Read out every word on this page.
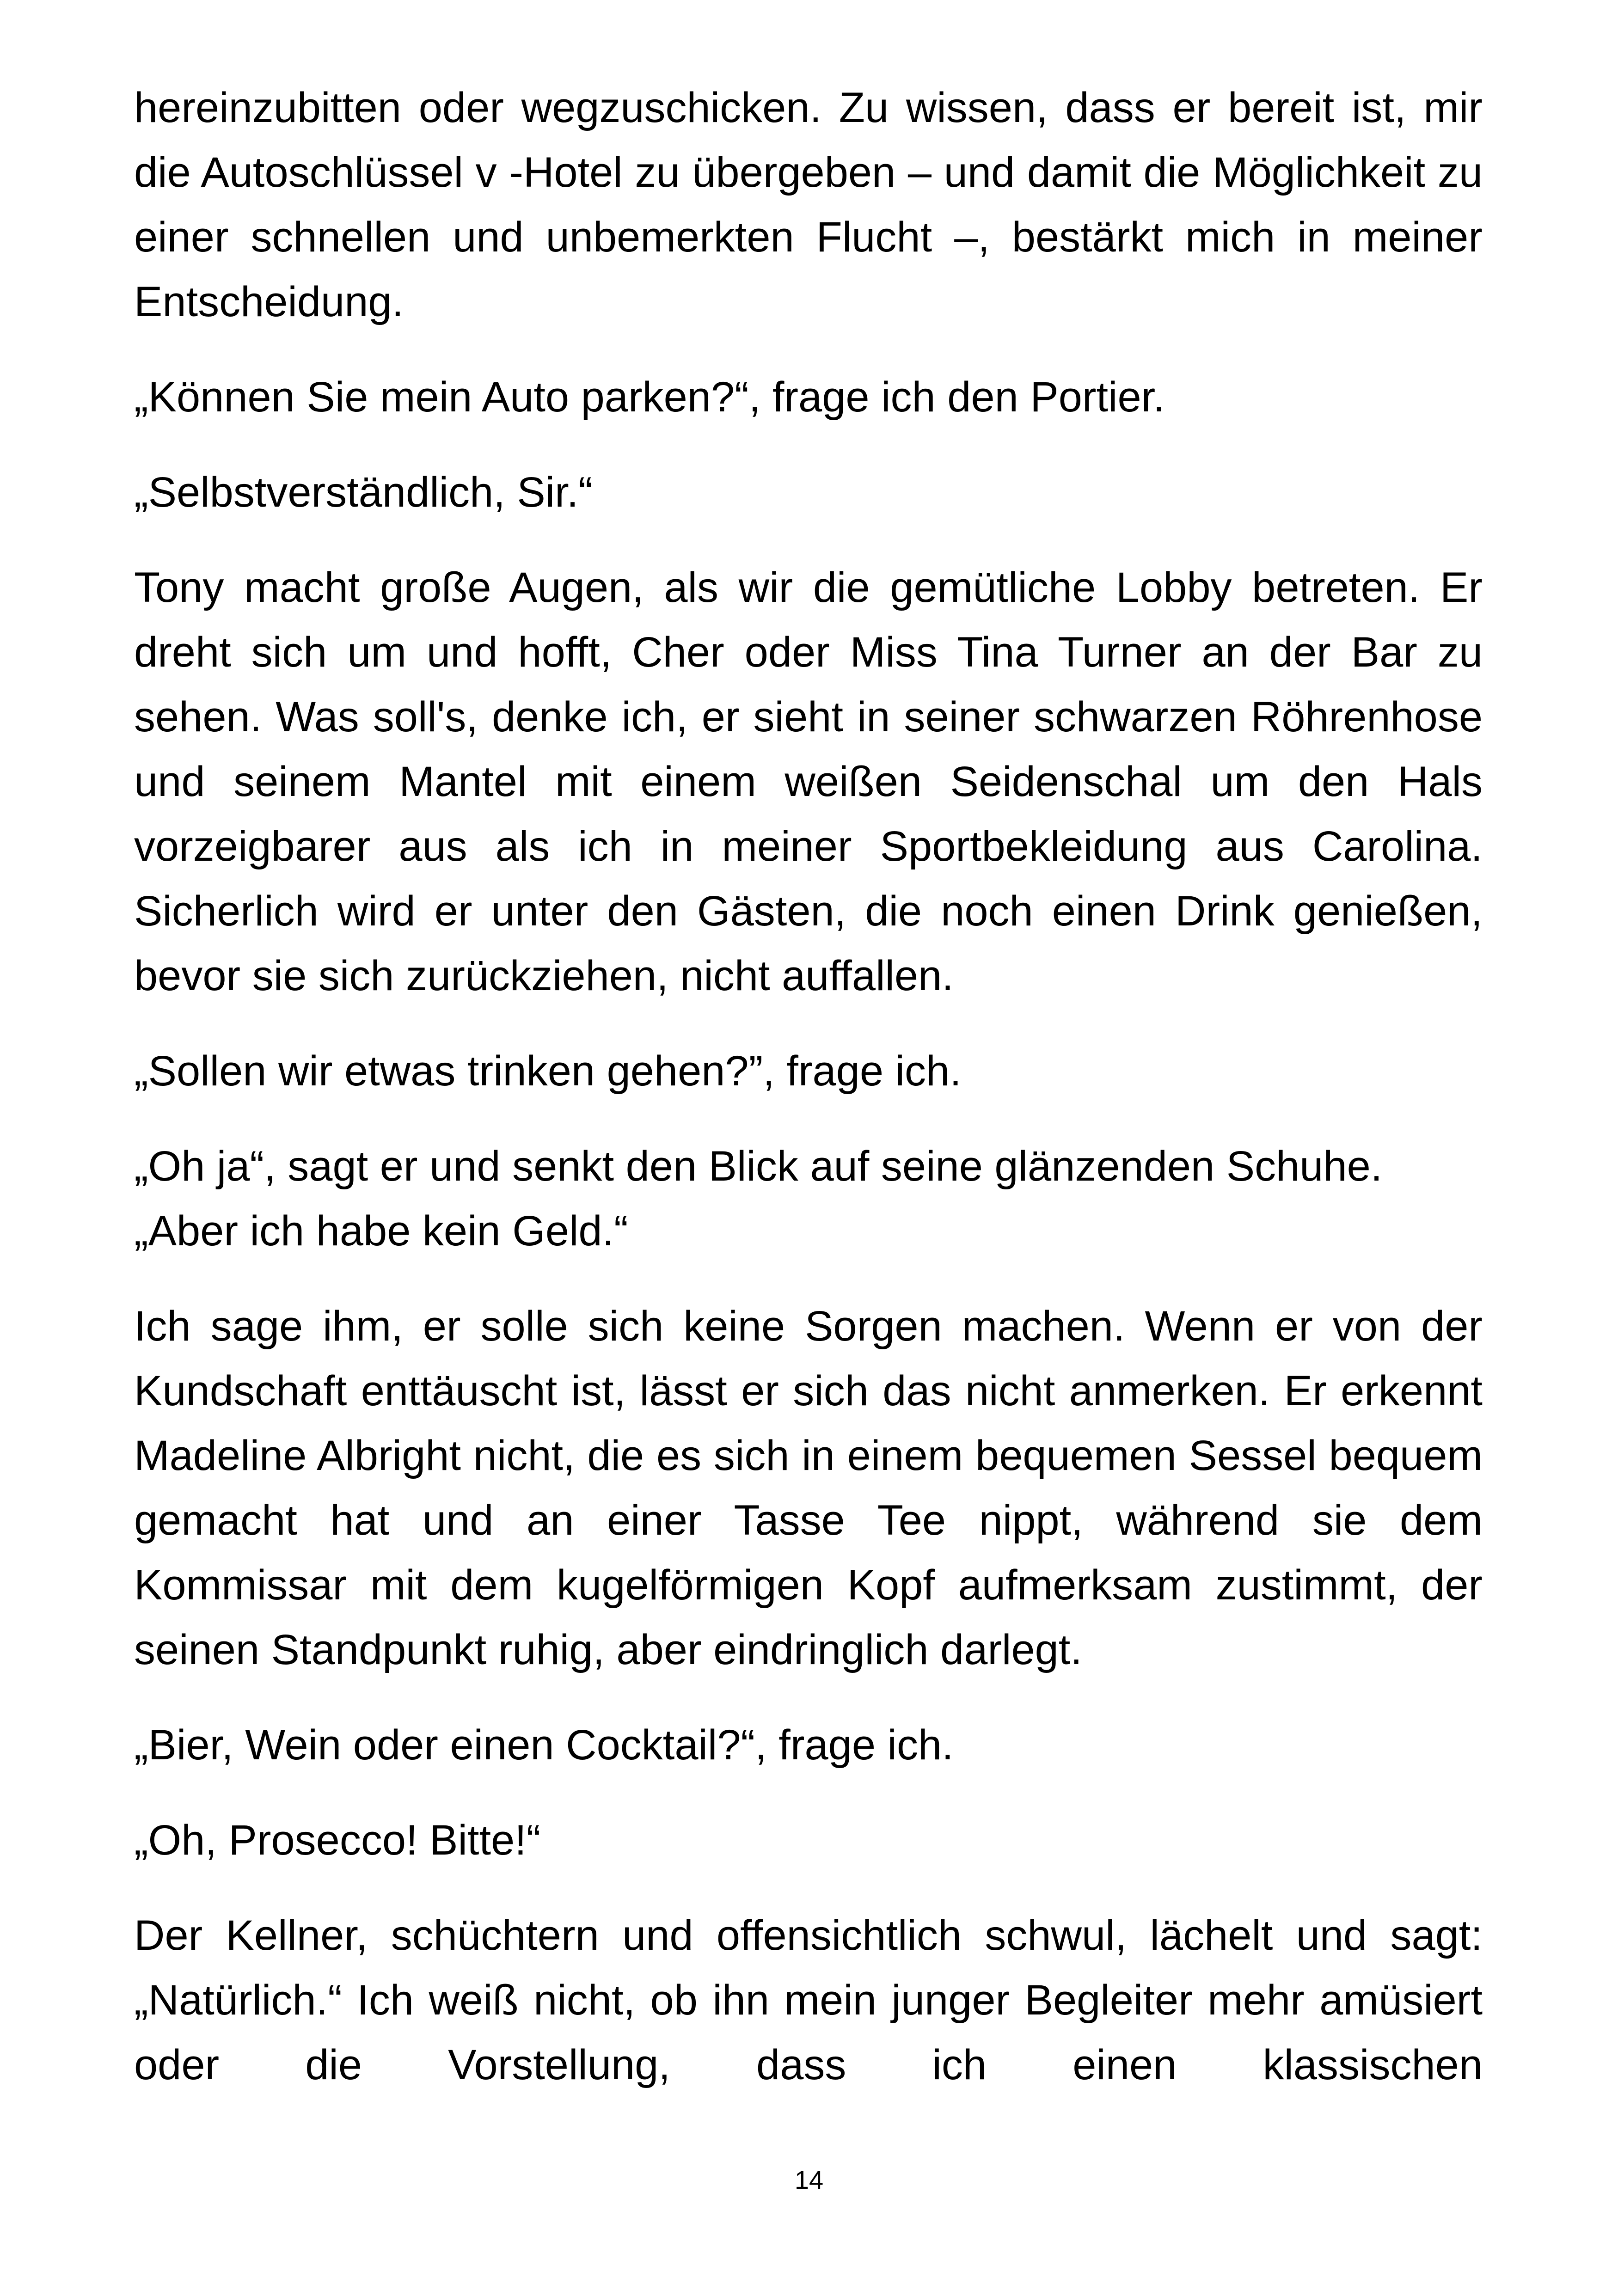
hereinzubitten oder wegzuschicken. Zu wissen, dass er bereit ist, mir die Autoschlüssel v -Hotel zu übergeben – und damit die Möglichkeit zu einer schnellen und unbemerkten Flucht –, bestärkt mich in meiner Entscheidung.

„Können Sie mein Auto parken?“, frage ich den Portier.

„Selbstverständlich, Sir.“

Tony macht große Augen, als wir die gemütliche Lobby betreten. Er dreht sich um und hofft, Cher oder Miss Tina Turner an der Bar zu sehen. Was soll's, denke ich, er sieht in seiner schwarzen Röhrenhose und seinem Mantel mit einem weißen Seidenschal um den Hals vorzeigbarer aus als ich in meiner Sportbekleidung aus Carolina. Sicherlich wird er unter den Gästen, die noch einen Drink genießen, bevor sie sich zurückziehen, nicht auffallen.

„Sollen wir etwas trinken gehen?”, frage ich.

„Oh ja“, sagt er und senkt den Blick auf seine glänzenden Schuhe.
„Aber ich habe kein Geld.“

Ich sage ihm, er solle sich keine Sorgen machen. Wenn er von der Kundschaft enttäuscht ist, lässt er sich das nicht anmerken. Er erkennt Madeline Albright nicht, die es sich in einem bequemen Sessel bequem gemacht hat und an einer Tasse Tee nippt, während sie dem Kommissar mit dem kugelförmigen Kopf aufmerksam zustimmt, der seinen Standpunkt ruhig, aber eindringlich darlegt.

„Bier, Wein oder einen Cocktail?“, frage ich.

„Oh, Prosecco! Bitte!“

Der Kellner, schüchtern und offensichtlich schwul, lächelt und sagt: „Natürlich.“ Ich weiß nicht, ob ihn mein junger Begleiter mehr amüsiert oder die Vorstellung, dass ich einen klassischen

14
